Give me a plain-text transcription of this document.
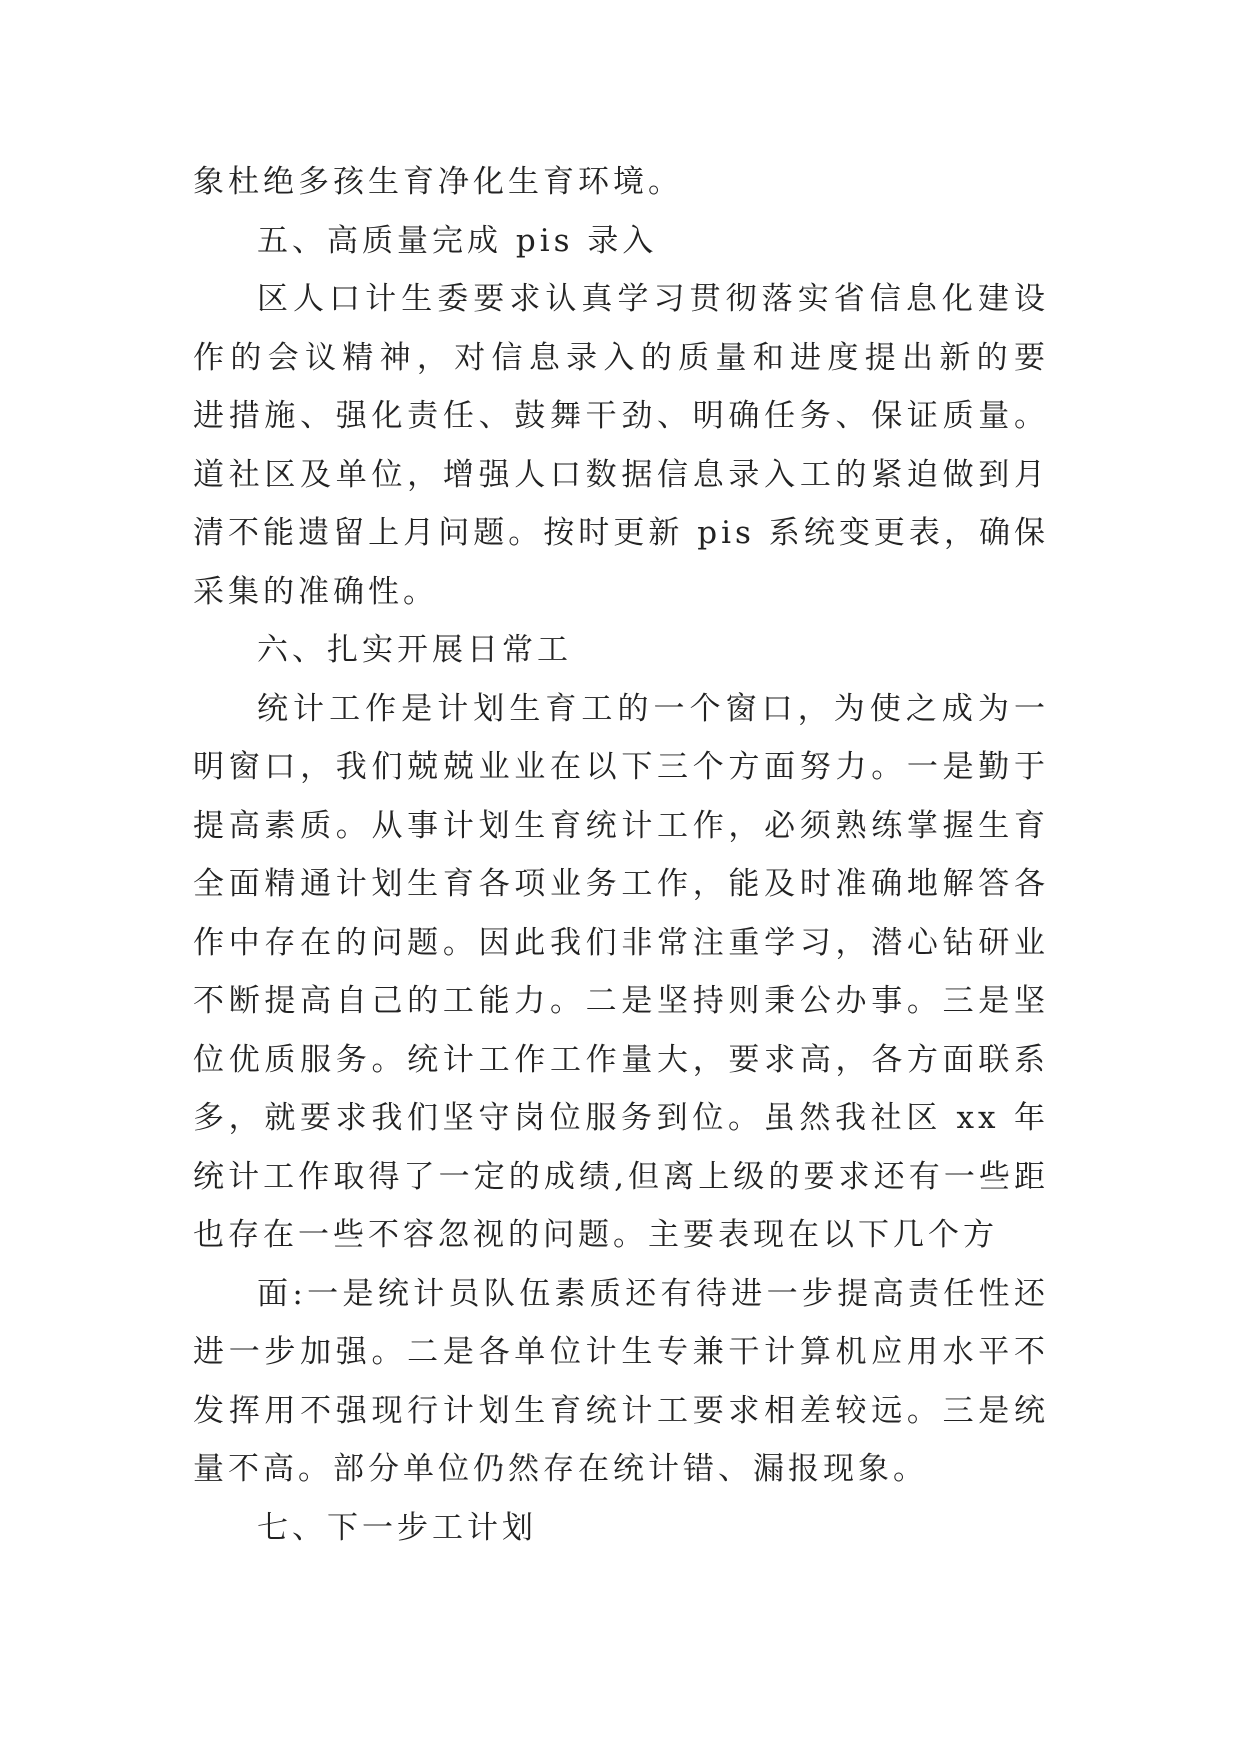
象杜绝多孩生育净化生育环境。
五、高质量完成 pis 录入
区人口计生委要求认真学习贯彻落实省信息化建设
作的会议精神，对信息录入的质量和进度提出新的要
进措施、强化责任、鼓舞干劲、明确任务、保证质量。
道社区及单位，增强人口数据信息录入工的紧迫做到月
清不能遗留上月问题。按时更新 pis 系统变更表，确保
采集的准确性。
六、扎实开展日常工
统计工作是计划生育工的一个窗口，为使之成为一
明窗口，我们兢兢业业在以下三个方面努力。一是勤于
提高素质。从事计划生育统计工作，必须熟练掌握生育
全面精通计划生育各项业务工作，能及时准确地解答各
作中存在的问题。因此我们非常注重学习，潜心钻研业
不断提高自己的工能力。二是坚持则秉公办事。三是坚
位优质服务。统计工作工作量大，要求高，各方面联系
多，就要求我们坚守岗位服务到位。虽然我社区 xx 年
统计工作取得了一定的成绩,但离上级的要求还有一些距
也存在一些不容忽视的问题。主要表现在以下几个方
面:一是统计员队伍素质还有待进一步提高责任性还
进一步加强。二是各单位计生专兼干计算机应用水平不
发挥用不强现行计划生育统计工要求相差较远。三是统
量不高。部分单位仍然存在统计错、漏报现象。
七、下一步工计划
